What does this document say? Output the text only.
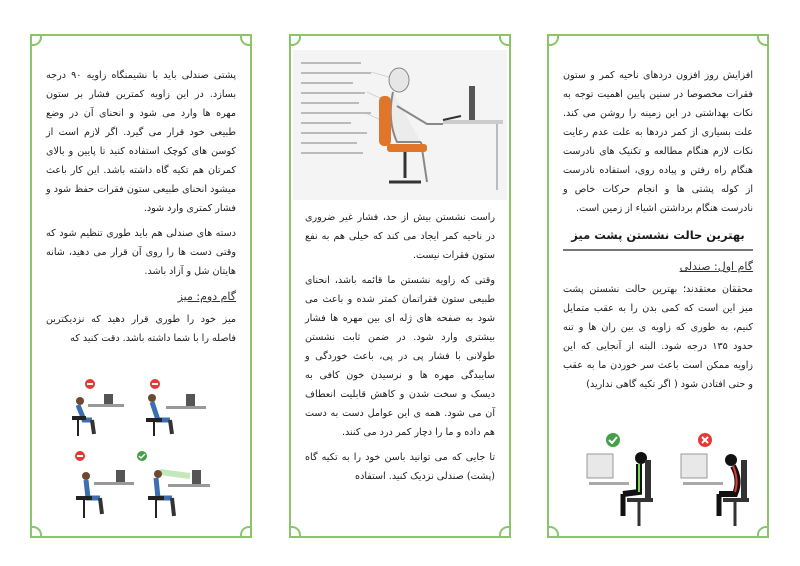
پشتی صندلی باید با نشیمنگاه زاویه ۹۰ درجه بسازد. در این زاویه کمترین فشار بر ستون مهره ها وارد می شود و انحنای آن در وضع طبیعی خود قرار می گیرد. اگر لازم است از کوسن های کوچک استفاده کنید تا پایین و بالای کمرتان هم تکیه گاه داشته باشد. این کار باعث میشود انحنای طبیعی ستون فقرات حفظ شود و فشار کمتری وارد شود.

دسته های صندلی هم باید طوری تنظیم شود که وقتی دست ها را روی آن قرار می دهید، شانه هایتان شل و آزاد باشد.

گام دوم: میز

میز خود را طوری قرار دهید که نزدیکترین فاصله را با شما داشته باشد. دقت کنید که

راست نشستن بیش از حد، فشار غیر ضروری در ناحیه کمر ایجاد می کند که خیلی هم به نفع ستون فقرات نیست.

وقتی که زاویه نشستن ما قائمه باشد، انحنای طبیعی ستون فقراتمان کمتر شده و باعث می شود به صفحه های ژله ای بین مهره ها فشار بیشتری وارد شود. در ضمن ثابت نشستن طولانی با فشار پی در پی، باعث خوردگی و سایبدگی مهره ها و نرسیدن خون کافی به دیسک و سخت شدن و کاهش قابلیت انعطاف آن می شود. همه ی این عوامل دست به دست هم داده و ما را دچار کمر درد می کنند.

تا جایی که می توانید باسن خود را به تکیه گاه (پشت) صندلی نزدیک کنید. استفاده

افزایش روز افزون دردهای ناحیه کمر و ستون فقرات مخصوصا در سنین پایین اهمیت توجه به نکات بهداشتی در این زمینه را روشن می کند. علت بسیاری از کمر دردها به علت عدم رعایت نکات لازم هنگام مطالعه و تکنیک های نادرست هنگام راه رفتن و پیاده روی، استفاده نادرست از کوله پشتی ها و انجام حرکات خاص و نادرست هنگام برداشتن اشیاء از زمین است.

بهترین حالت نشستن پشت میز
گام اول: صندلی

محققان معتقدند؛ بهترین حالت نشستن پشت میز این است که کمی بدن را به عقب متمایل کنیم، به طوری که زاویه ی بین ران ها و تنه حدود ۱۳۵ درجه شود. البته از آنجایی که این زاویه ممکن است باعث سر خوردن ما به عقب و حتی افتادن شود ( اگر تکیه گاهی ندارید)
